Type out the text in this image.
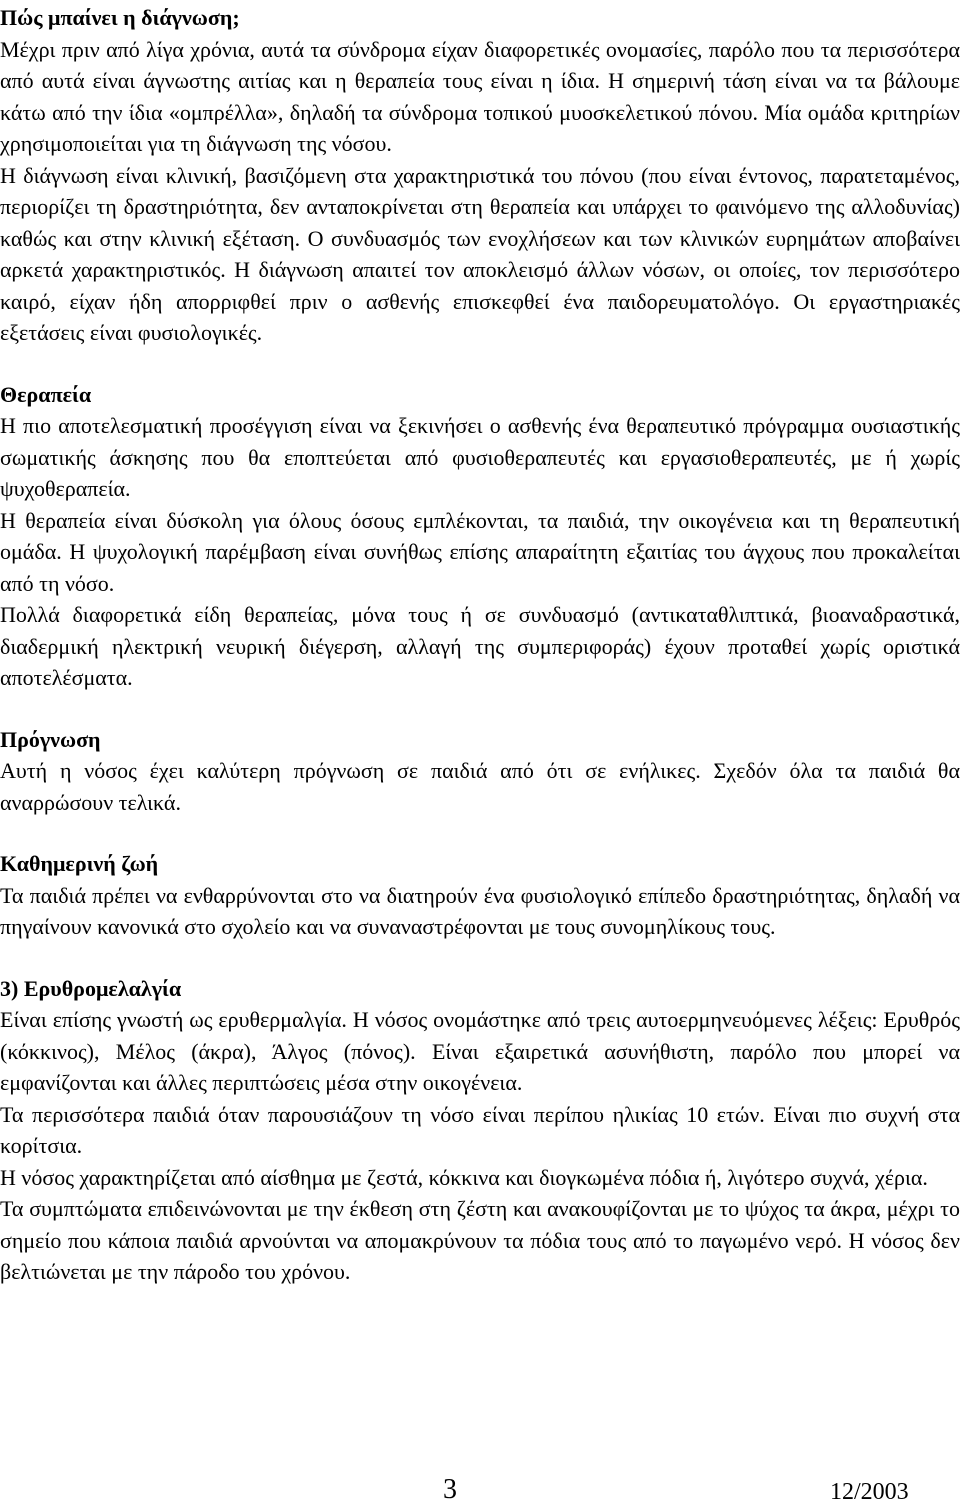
Πώς μπαίνει η διάγνωση;

Μέχρι πριν από λίγα χρόνια, αυτά τα σύνδρομα είχαν διαφορετικές ονομασίες, παρόλο που τα περισσότερα από αυτά είναι άγνωστης αιτίας και η θεραπεία τους είναι η ίδια. Η σημερινή τάση είναι να τα βάλουμε κάτω από την ίδια «ομπρέλλα», δηλαδή τα σύνδρομα τοπικού μυοσκελετικού πόνου. Μία ομάδα κριτηρίων χρησιμοποιείται για τη διάγνωση της νόσου.

Η διάγνωση είναι κλινική, βασιζόμενη στα χαρακτηριστικά του πόνου (που είναι έντονος, παρατεταμένος, περιορίζει τη δραστηριότητα, δεν ανταποκρίνεται στη θεραπεία και υπάρχει το φαινόμενο της αλλοδυνίας) καθώς και στην κλινική εξέταση. Ο συνδυασμός των ενοχλήσεων και των κλινικών ευρημάτων αποβαίνει αρκετά χαρακτηριστικός. Η διάγνωση απαιτεί τον αποκλεισμό άλλων νόσων, οι οποίες, τον περισσότερο καιρό, είχαν ήδη απορριφθεί πριν ο ασθενής επισκεφθεί ένα παιδορευματολόγο. Οι εργαστηριακές εξετάσεις είναι φυσιολογικές.

Θεραπεία

Η πιο αποτελεσματική προσέγγιση είναι να ξεκινήσει ο ασθενής ένα θεραπευτικό πρόγραμμα ουσιαστικής σωματικής άσκησης που θα εποπτεύεται από φυσιοθεραπευτές και εργασιοθεραπευτές, με ή χωρίς ψυχοθεραπεία.

Η θεραπεία είναι δύσκολη για όλους όσους εμπλέκονται, τα παιδιά, την οικογένεια και τη θεραπευτική ομάδα. Η ψυχολογική παρέμβαση είναι συνήθως επίσης απαραίτητη εξαιτίας του άγχους που προκαλείται από τη νόσο.

Πολλά διαφορετικά είδη θεραπείας, μόνα τους ή σε συνδυασμό (αντικαταθλιπτικά, βιοαναδραστικά, διαδερμική ηλεκτρική νευρική διέγερση, αλλαγή της συμπεριφοράς) έχουν προταθεί χωρίς οριστικά αποτελέσματα.

Πρόγνωση

Αυτή η νόσος έχει καλύτερη πρόγνωση σε παιδιά από ότι σε ενήλικες. Σχεδόν όλα τα παιδιά θα αναρρώσουν τελικά.

Καθημερινή ζωή

Τα παιδιά πρέπει να ενθαρρύνονται στο να διατηρούν ένα φυσιολογικό επίπεδο δραστηριότητας, δηλαδή να πηγαίνουν κανονικά στο σχολείο και να συναναστρέφονται με τους συνομηλίκους τους.

3) Ερυθρομελαλγία

Είναι επίσης γνωστή ως ερυθερμαλγία. Η νόσος ονομάστηκε από τρεις αυτοερμηνευόμενες λέξεις: Ερυθρός (κόκκινος), Μέλος (άκρα), Άλγος (πόνος). Είναι εξαιρετικά ασυνήθιστη, παρόλο που μπορεί να εμφανίζονται και άλλες περιπτώσεις μέσα στην οικογένεια.

Τα περισσότερα παιδιά όταν παρουσιάζουν τη νόσο είναι περίπου ηλικίας 10 ετών. Είναι πιο συχνή στα κορίτσια.

Η νόσος χαρακτηρίζεται από αίσθημα με ζεστά, κόκκινα και διογκωμένα πόδια ή, λιγότερο συχνά, χέρια.

Τα συμπτώματα επιδεινώνονται με την έκθεση στη ζέστη και ανακουφίζονται με το ψύχος τα άκρα, μέχρι το σημείο που κάποια παιδιά αρνούνται να απομακρύνουν τα πόδια τους από το παγωμένο νερό. Η νόσος δεν βελτιώνεται με την πάροδο του χρόνου.

3	12/2003
